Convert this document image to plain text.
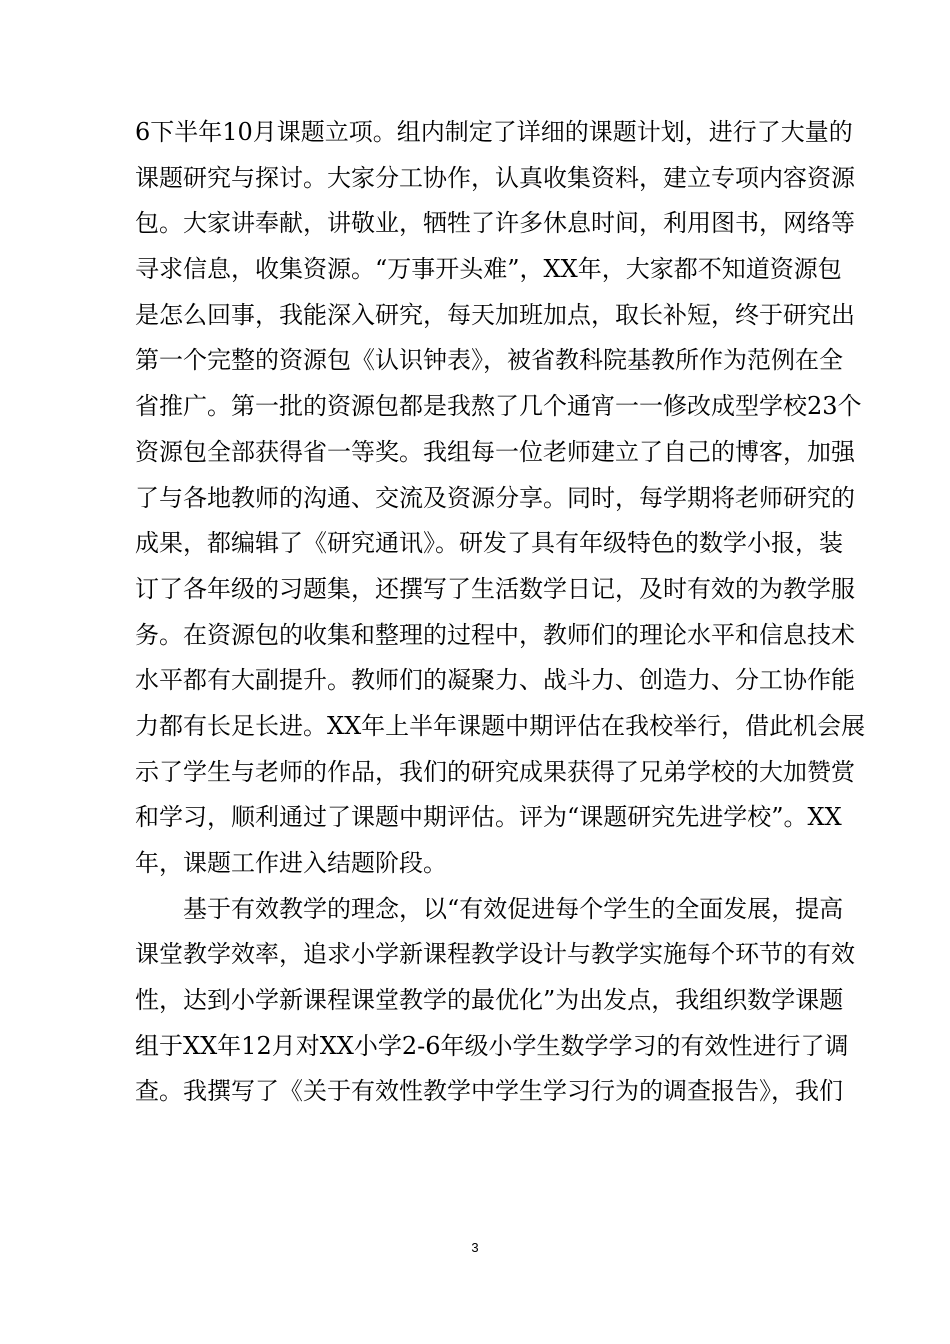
6下半年10月课题立项。组内制定了详细的课题计划，进行了大量的
课题研究与探讨。大家分工协作，认真收集资料，建立专项内容资源
包。大家讲奉献，讲敬业，牺牲了许多休息时间，利用图书，网络等
寻求信息，收集资源。“万事开头难”，XX年，大家都不知道资源包
是怎么回事，我能深入研究，每天加班加点，取长补短，终于研究出
第一个完整的资源包《认识钟表》，被省教科院基教所作为范例在全
省推广。第一批的资源包都是我熬了几个通宵一一修改成型学校23个
资源包全部获得省一等奖。我组每一位老师建立了自己的博客，加强
了与各地教师的沟通、交流及资源分享。同时，每学期将老师研究的
成果，都编辑了《研究通讯》。研发了具有年级特色的数学小报，装
订了各年级的习题集，还撰写了生活数学日记，及时有效的为教学服
务。在资源包的收集和整理的过程中，教师们的理论水平和信息技术
水平都有大副提升。教师们的凝聚力、战斗力、创造力、分工协作能
力都有长足长进。XX年上半年课题中期评估在我校举行，借此机会展
示了学生与老师的作品，我们的研究成果获得了兄弟学校的大加赞赏
和学习，顺利通过了课题中期评估。评为“课题研究先进学校”。XX
年，课题工作进入结题阶段。
基于有效教学的理念，以“有效促进每个学生的全面发展，提高
课堂教学效率，追求小学新课程教学设计与教学实施每个环节的有效
性，达到小学新课程课堂教学的最优化”为出发点，我组织数学课题
组于XX年12月对XX小学2-6年级小学生数学学习的有效性进行了调
查。我撰写了《关于有效性教学中学生学习行为的调查报告》，我们
3
